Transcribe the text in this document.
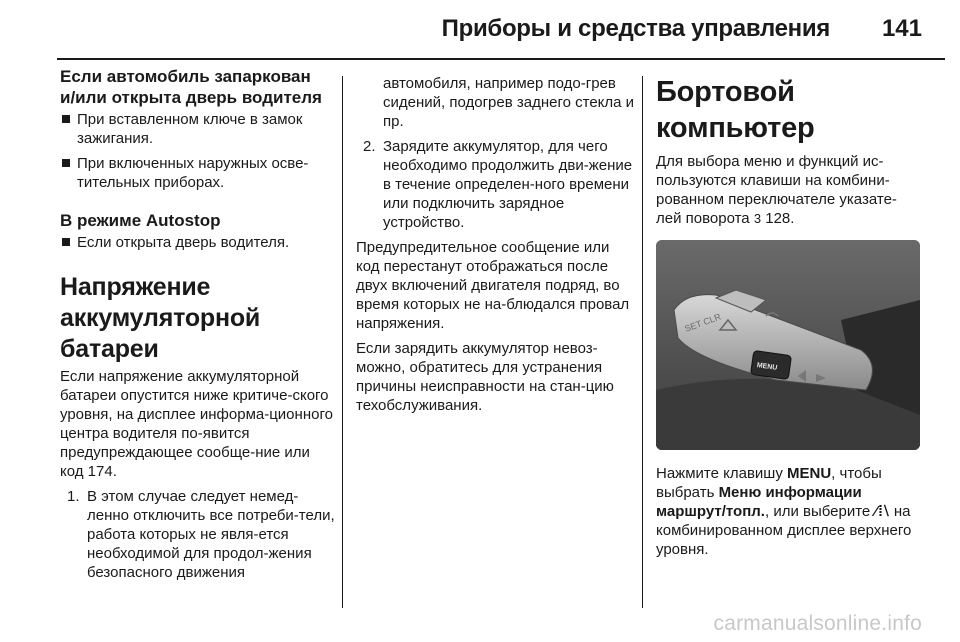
Приборы и средства управления 141
Если автомобиль запаркован
и/или открыта дверь водителя
При вставленном ключе в замок зажигания.
При включенных наружных осве-тительных приборах.
В режиме Autostop
Если открыта дверь водителя.
Напряжение
аккумуляторной батареи

Если напряжение аккумуляторной батареи опустится ниже критиче-ского уровня, на дисплее информа-ционного центра водителя по-явится предупреждающее сообще-ние или код 174.

1. В этом случае следует немед-ленно отключить все потреби-тели, работа которых не явля-ется необходимой для продол-жения безопасного движения
автомобиля, например подо-грев сидений, подогрев заднего стекла и пр.
2. Зарядите аккумулятор, для чего необходимо продолжить дви-жение в течение определен-ного времени или подключить зарядное устройство.

Предупредительное сообщение или код перестанут отображаться после двух включений двигателя подряд, во время которых не на-блюдался провал напряжения.

Если зарядить аккумулятор невоз-можно, обратитесь для устранения причины неисправности на стан-цию техобслуживания.

Бортовой компьютер

Для выбора меню и функций ис-пользуются клавиши на комбини-рованном переключателе указате-лей поворота 3 128.

SET CLR
MENU

Нажмите клавишу MENU, чтобы выбрать Меню информации маршрут/топл., или выберите ⁄⁞⧵ на комбинированном дисплее верхнего уровня.

carmanualsonline.info
